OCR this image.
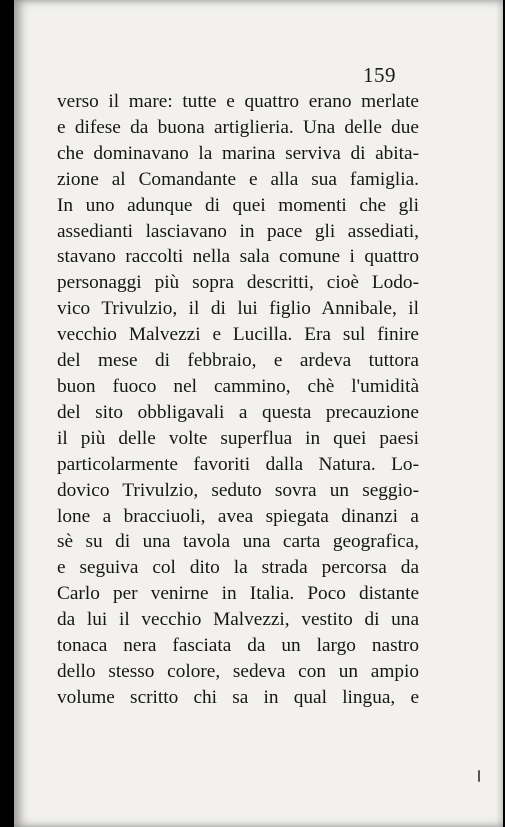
159
verso il mare: tutte e quattro erano merlate
e difese da buona artiglieria. Una delle due
che dominavano la marina serviva di abita-
zione al Comandante e alla sua famiglia.
In uno adunque di quei momenti che gli
assedianti lasciavano in pace gli assediati,
stavano raccolti nella sala comune i quattro
personaggi più sopra descritti, cioè Lodo-
vico Trivulzio, il di lui figlio Annibale, il
vecchio Malvezzi e Lucilla. Era sul finire
del mese di febbraio, e ardeva tuttora
buon fuoco nel cammino, chè l'umidità
del sito obbligavali a questa precauzione
il più delle volte superflua in quei paesi
particolarmente favoriti dalla Natura. Lo-
dovico Trivulzio, seduto sovra un seggio-
lone a bracciuoli, avea spiegata dinanzi a
sè su di una tavola una carta geografica,
e seguiva col dito la strada percorsa da
Carlo per venirne in Italia. Poco distante
da lui il vecchio Malvezzi, vestito di una
tonaca nera fasciata da un largo nastro
dello stesso colore, sedeva con un ampio
volume scritto chi sa in qual lingua, e
